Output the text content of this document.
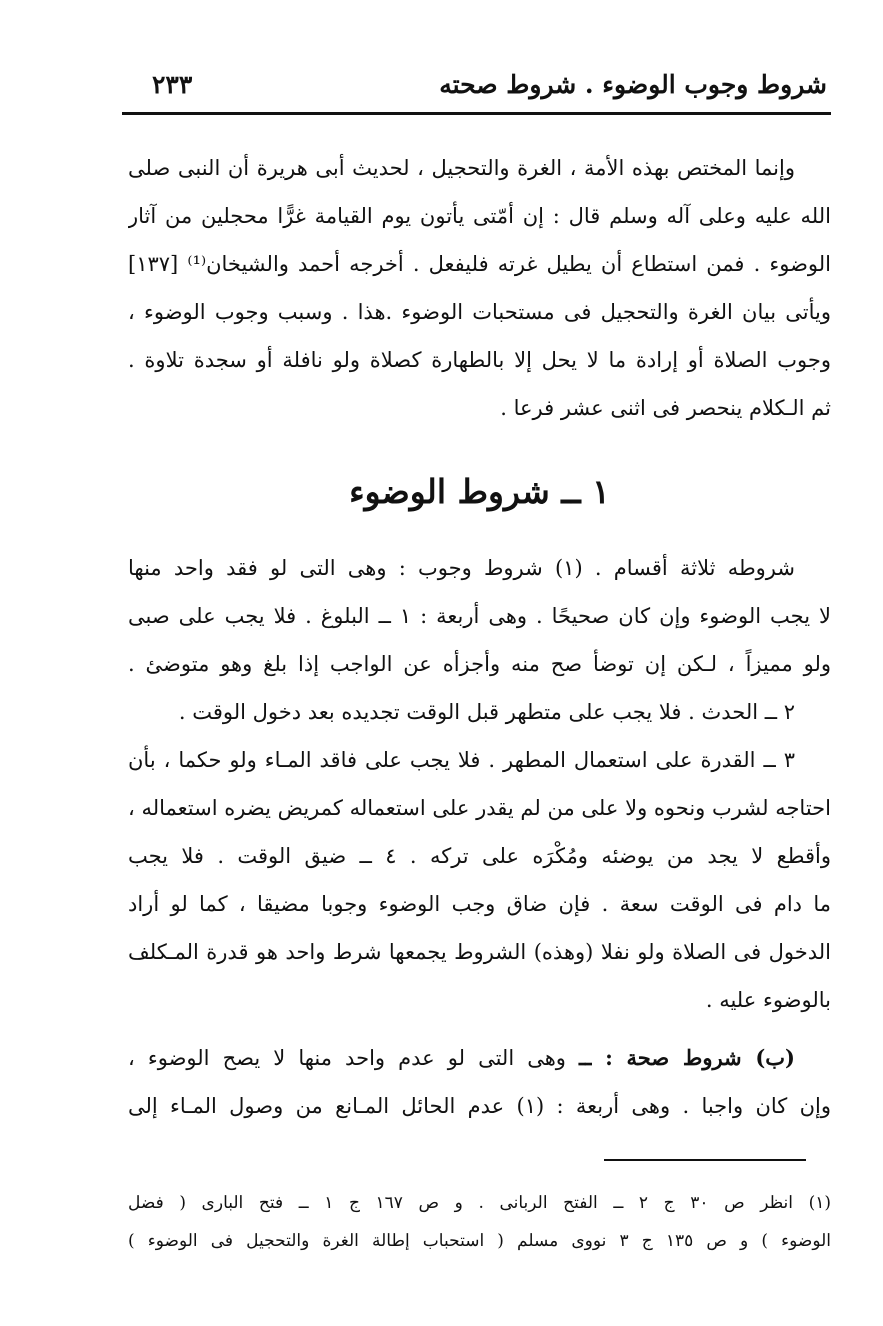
شروط وجوب الوضوء . شروط صحته
٢٣٣
وإنما المختص بهذه الأمة ، الغرة والتحجيل ، لحديث أبى هريرة أن النبى صلى
الله عليه وعلى آله وسلم قال : إن أمّتى يأتون يوم القيامة غرًّا محجلين من آثار
الوضوء . فمن استطاع أن يطيل غرته فليفعل . أخرجه أحمد والشيخان⁽¹⁾ [١٣٧]
ويأتى بيان الغرة والتحجيل فى مستحبات الوضوء .هذا . وسبب وجوب الوضوء ،
وجوب الصلاة أو إرادة ما لا يحل إلا بالطهارة كصلاة ولو نافلة أو سجدة تلاوة .
ثم الـكلام ينحصر فى اثنى عشر فرعا .
١ ــ شروط الوضوء
شروطه ثلاثة أقسام . (١) شروط وجوب : وهى التى لو فقد واحد منها
لا يجب الوضوء وإن كان صحيحًا . وهى أربعة : ١ ــ البلوغ . فلا يجب على صبى
ولو مميزاً ، لـكن إن توضأ صح منه وأجزأه عن الواجب إذا بلغ وهو متوضئ .
٢ ــ الحدث . فلا يجب على متطهر قبل الوقت تجديده بعد دخول الوقت .
٣ ــ القدرة على استعمال المطهر . فلا يجب على فاقد المـاء ولو حكما ، بأن
احتاجه لشرب ونحوه ولا على من لم يقدر على استعماله كمريض يضره استعماله ،
وأقطع لا يجد من يوضئه ومُكْرَه على تركه . ٤ ــ ضيق الوقت . فلا يجب
ما دام فى الوقت سعة . فإن ضاق وجب الوضوء وجوبا مضيقا ، كما لو أراد
الدخول فى الصلاة ولو نفلا (وهذه) الشروط يجمعها شرط واحد هو قدرة المـكلف
بالوضوء عليه .
(ب) شروط صحة : ــ وهى التى لو عدم واحد منها لا يصح الوضوء ،
وإن كان واجبا . وهى أربعة : (١) عدم الحائل المـانع من وصول المـاء إلى
(١) انظر ص ٣٠ ج ٢ ــ الفتح الربانى . و ص ١٦٧ ج ١ ــ فتح البارى ( فضل
الوضوء ) و ص ١٣٥ ج ٣ نووى مسلم ( استحباب إطالة الغرة والتحجيل فى الوضوء )
